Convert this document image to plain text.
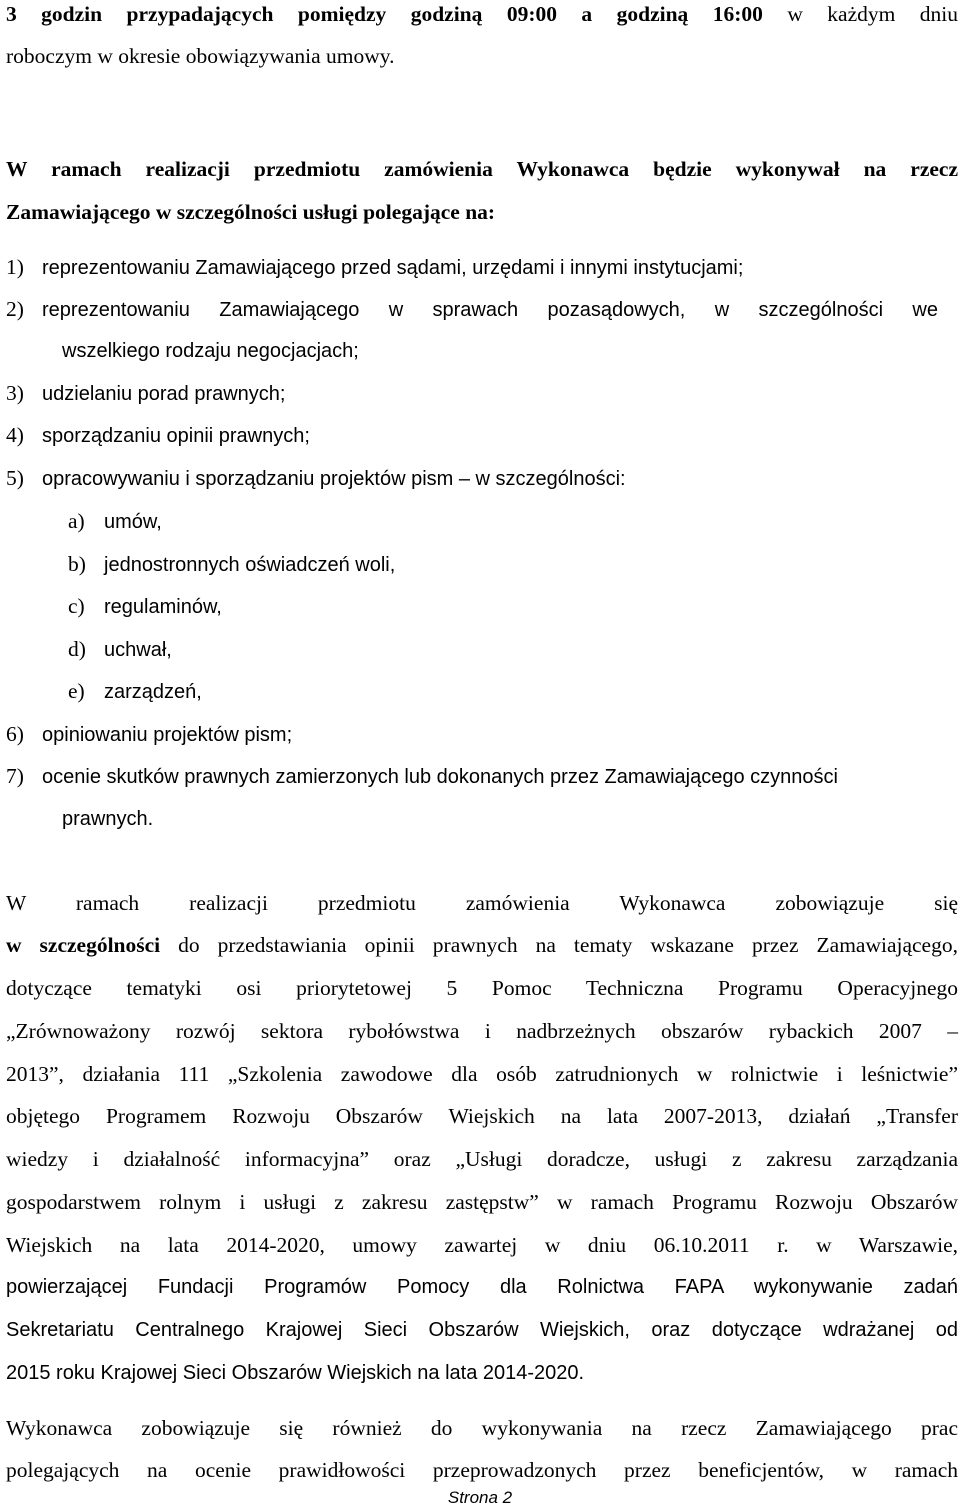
3 godzin przypadających pomiędzy godziną 09:00 a godziną 16:00 w każdym dniu
roboczym w okresie obowiązywania umowy.
W ramach realizacji przedmiotu zamówienia Wykonawca będzie wykonywał na rzecz
Zamawiającego w szczególności usługi polegające na:
1) reprezentowaniu Zamawiającego przed sądami, urzędami i innymi instytucjami;
2) reprezentowaniu Zamawiającego w sprawach pozasądowych, w szczególności we
wszelkiego rodzaju negocjacjach;
3) udzielaniu porad prawnych;
4) sporządzaniu opinii prawnych;
5) opracowywaniu i sporządzaniu projektów pism – w szczególności:
a) umów,
b) jednostronnych oświadczeń woli,
c) regulaminów,
d) uchwał,
e) zarządzeń,
6) opiniowaniu projektów pism;
7) ocenie skutków prawnych zamierzonych lub dokonanych przez Zamawiającego czynności
prawnych.
W ramach realizacji przedmiotu zamówienia Wykonawca zobowiązuje się
w szczególności do przedstawiania opinii prawnych na tematy wskazane przez Zamawiającego,
dotyczące tematyki osi priorytetowej 5 Pomoc Techniczna Programu Operacyjnego
„Zrównoważony rozwój sektora rybołówstwa i nadbrzeżnych obszarów rybackich 2007 –
2013”, działania 111 „Szkolenia zawodowe dla osób zatrudnionych w rolnictwie i leśnictwie”
objętego Programem Rozwoju Obszarów Wiejskich na lata 2007-2013, działań „Transfer
wiedzy i działalność informacyjna” oraz „Usługi doradcze, usługi z zakresu zarządzania
gospodarstwem rolnym i usługi z zakresu zastępstw” w ramach Programu Rozwoju Obszarów
Wiejskich na lata 2014-2020, umowy zawartej w dniu 06.10.2011 r. w Warszawie,
powierzającej Fundacji Programów Pomocy dla Rolnictwa FAPA wykonywanie zadań
Sekretariatu Centralnego Krajowej Sieci Obszarów Wiejskich, oraz dotyczące wdrażanej od
2015 roku Krajowej Sieci Obszarów Wiejskich na lata 2014-2020.
Wykonawca zobowiązuje się również do wykonywania na rzecz Zamawiającego prac
polegających na ocenie prawidłowości przeprowadzonych przez beneficjentów, w ramach
Strona 2
